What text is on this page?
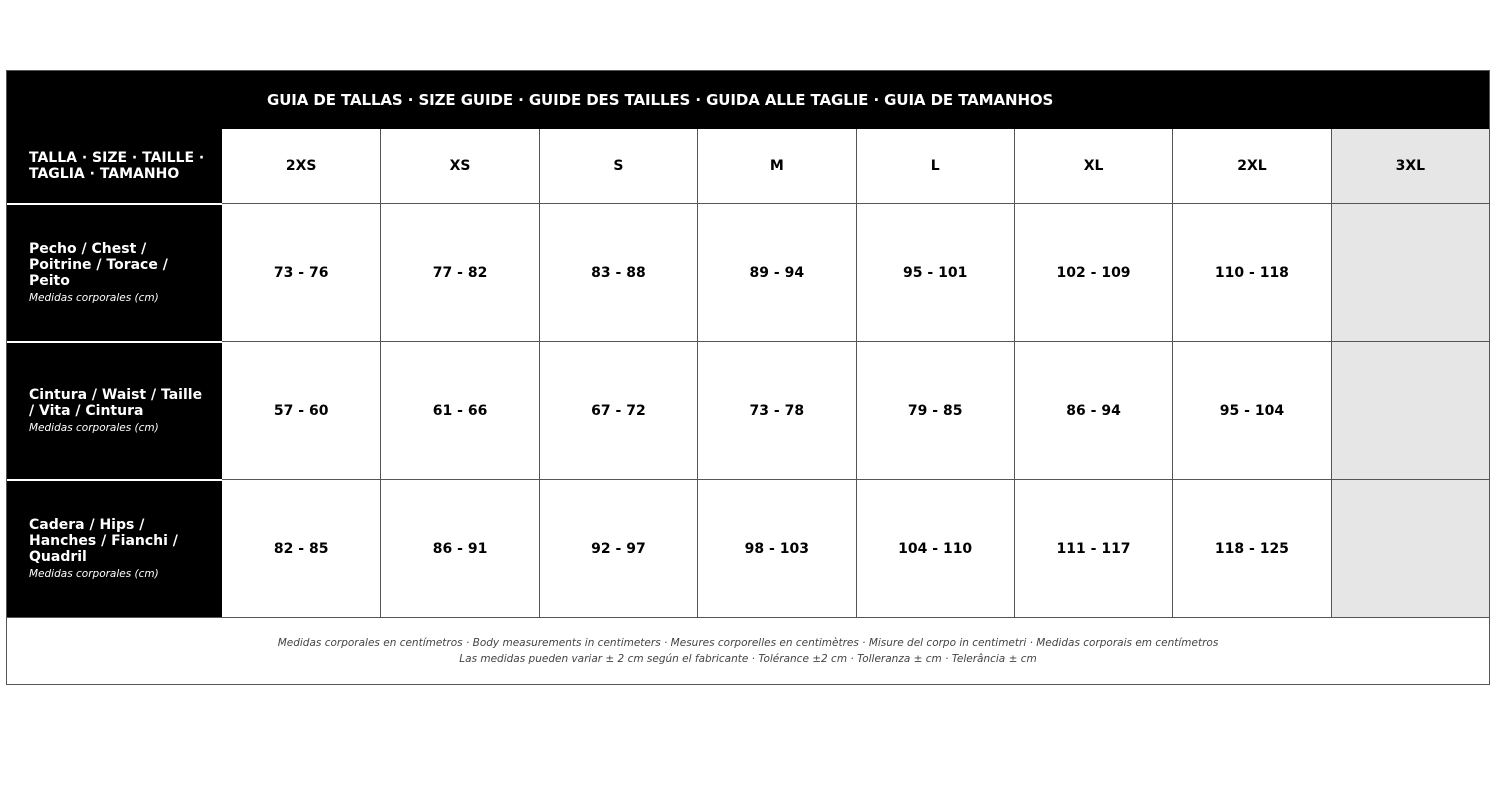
GUIA DE TALLAS · SIZE GUIDE · GUIDE DES TAILLES · GUIDA ALLE TAGLIE · GUIA DE TAMANHOS
TALLA · SIZE · TAILLE ·
TAGLIA · TAMANHO	2XS	XS	S	M	L	XL	2XL	3XL
Pecho / Chest /
Poitrine / Torace /
Peito
Medidas corporales (cm)
73 - 76	77 - 82	83 - 88	89 - 94	95 - 101	102 - 109	110 - 118
Cintura / Waist / Taille
/ Vita / Cintura
Medidas corporales (cm)
57 - 60	61 - 66	67 - 72	73 - 78	79 - 85	86 - 94	95 - 104
Cadera / Hips /
Hanches / Fianchi /
Quadril
Medidas corporales (cm)
82 - 85	86 - 91	92 - 97	98 - 103	104 - 110	111 - 117	118 - 125
Medidas corporales en centímetros · Body measurements in centimeters · Mesures corporelles en centimètres · Misure del corpo in centimetri · Medidas corporais em centímetros
Las medidas pueden variar ± 2 cm según el fabricante · Tolérance ±2 cm · Tolleranza ± cm · Telerância ± cm
